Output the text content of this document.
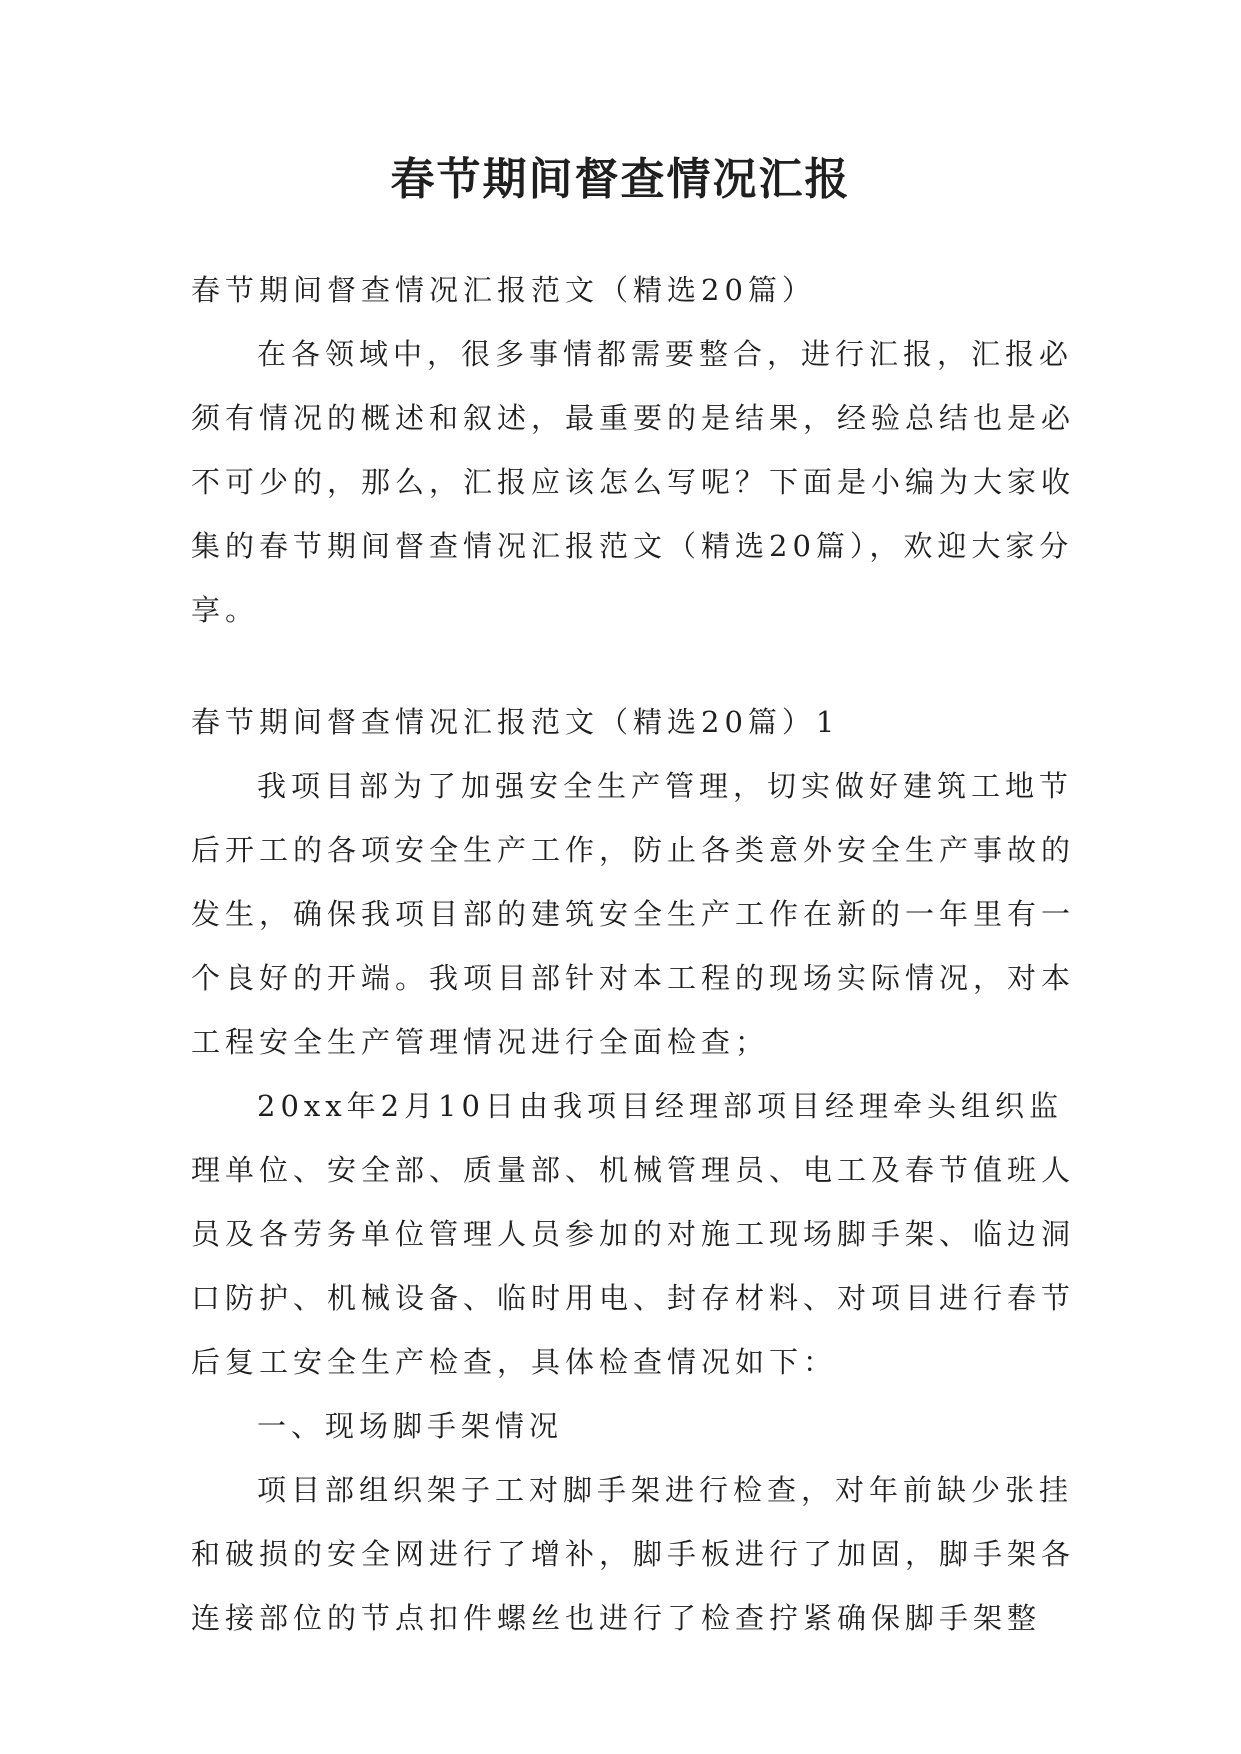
春节期间督查情况汇报

春节期间督查情况汇报范文（精选20篇）

在各领域中，很多事情都需要整合，进行汇报，汇报必

须有情况的概述和叙述，最重要的是结果，经验总结也是必

不可少的，那么，汇报应该怎么写呢？下面是小编为大家收

集的春节期间督查情况汇报范文（精选20篇），欢迎大家分

享。

春节期间督查情况汇报范文（精选20篇）1

我项目部为了加强安全生产管理，切实做好建筑工地节

后开工的各项安全生产工作，防止各类意外安全生产事故的

发生，确保我项目部的建筑安全生产工作在新的一年里有一

个良好的开端。我项目部针对本工程的现场实际情况，对本

工程安全生产管理情况进行全面检查；

20xx年2月10日由我项目经理部项目经理牵头组织监

理单位、安全部、质量部、机械管理员、电工及春节值班人

员及各劳务单位管理人员参加的对施工现场脚手架、临边洞

口防护、机械设备、临时用电、封存材料、对项目进行春节

后复工安全生产检查，具体检查情况如下：

一、现场脚手架情况

项目部组织架子工对脚手架进行检查，对年前缺少张挂

和破损的安全网进行了增补，脚手板进行了加固，脚手架各

连接部位的节点扣件螺丝也进行了检查拧紧确保脚手架整
